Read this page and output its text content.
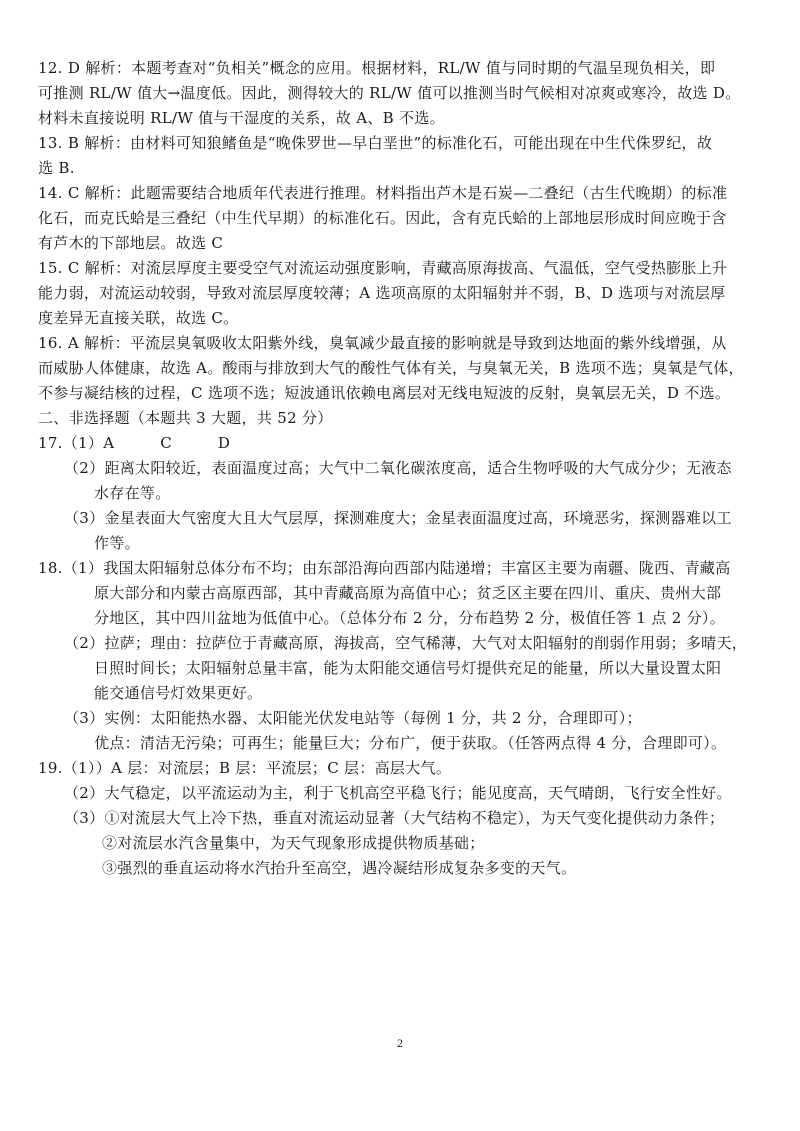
12. D 解析：本题考查对“负相关”概念的应用。根据材料，RL/W 值与同时期的气温呈现负相关，即
可推测 RL/W 值大→温度低。因此，测得较大的 RL/W 值可以推测当时气候相对凉爽或寒冷，故选 D。
材料未直接说明 RL/W 值与干湿度的关系，故 A、B 不选。
13. B 解析：由材料可知狼鳍鱼是“晚侏罗世—早白垩世”的标准化石，可能出现在中生代侏罗纪，故
选 B.
14. C 解析：此题需要结合地质年代表进行推理。材料指出芦木是石炭—二叠纪（古生代晚期）的标准
化石，而克氏蛤是三叠纪（中生代早期）的标准化石。因此，含有克氏蛤的上部地层形成时间应晚于含
有芦木的下部地层。故选 C
15. C 解析：对流层厚度主要受空气对流运动强度影响，青藏高原海拔高、气温低，空气受热膨胀上升
能力弱，对流运动较弱，导致对流层厚度较薄；A 选项高原的太阳辐射并不弱，B、D 选项与对流层厚
度差异无直接关联，故选 C。
16. A 解析：平流层臭氧吸收太阳紫外线，臭氧减少最直接的影响就是导致到达地面的紫外线增强，从
而威胁人体健康，故选 A。酸雨与排放到大气的酸性气体有关，与臭氧无关，B 选项不选；臭氧是气体，
不参与凝结核的过程，C 选项不选；短波通讯依赖电离层对无线电短波的反射，臭氧层无关，D 不选。
二、非选择题（本题共 3 大题，共 52 分）
17.（1）A　　　C　　　D
（2）距离太阳较近，表面温度过高；大气中二氧化碳浓度高，适合生物呼吸的大气成分少；无液态
水存在等。
（3）金星表面大气密度大且大气层厚，探测难度大；金星表面温度过高，环境恶劣，探测器难以工
作等。
18.（1）我国太阳辐射总体分布不均；由东部沿海向西部内陆递增；丰富区主要为南疆、陇西、青藏高
原大部分和内蒙古高原西部，其中青藏高原为高值中心；贫乏区主要在四川、重庆、贵州大部
分地区，其中四川盆地为低值中心。（总体分布 2 分，分布趋势 2 分，极值任答 1 点 2 分）。
（2）拉萨；理由：拉萨位于青藏高原，海拔高，空气稀薄，大气对太阳辐射的削弱作用弱；多晴天，
日照时间长；太阳辐射总量丰富，能为太阳能交通信号灯提供充足的能量，所以大量设置太阳
能交通信号灯效果更好。
（3）实例：太阳能热水器、太阳能光伏发电站等（每例 1 分，共 2 分，合理即可）；
优点：清洁无污染；可再生；能量巨大；分布广，便于获取。（任答两点得 4 分，合理即可）。
19.（1））A 层：对流层；B 层：平流层；C 层：高层大气。
（2）大气稳定，以平流运动为主，利于飞机高空平稳飞行；能见度高，天气晴朗，飞行安全性好。
（3）①对流层大气上冷下热，垂直对流运动显著（大气结构不稳定），为天气变化提供动力条件；
②对流层水汽含量集中，为天气现象形成提供物质基础；
③强烈的垂直运动将水汽抬升至高空，遇冷凝结形成复杂多变的天气。
2
